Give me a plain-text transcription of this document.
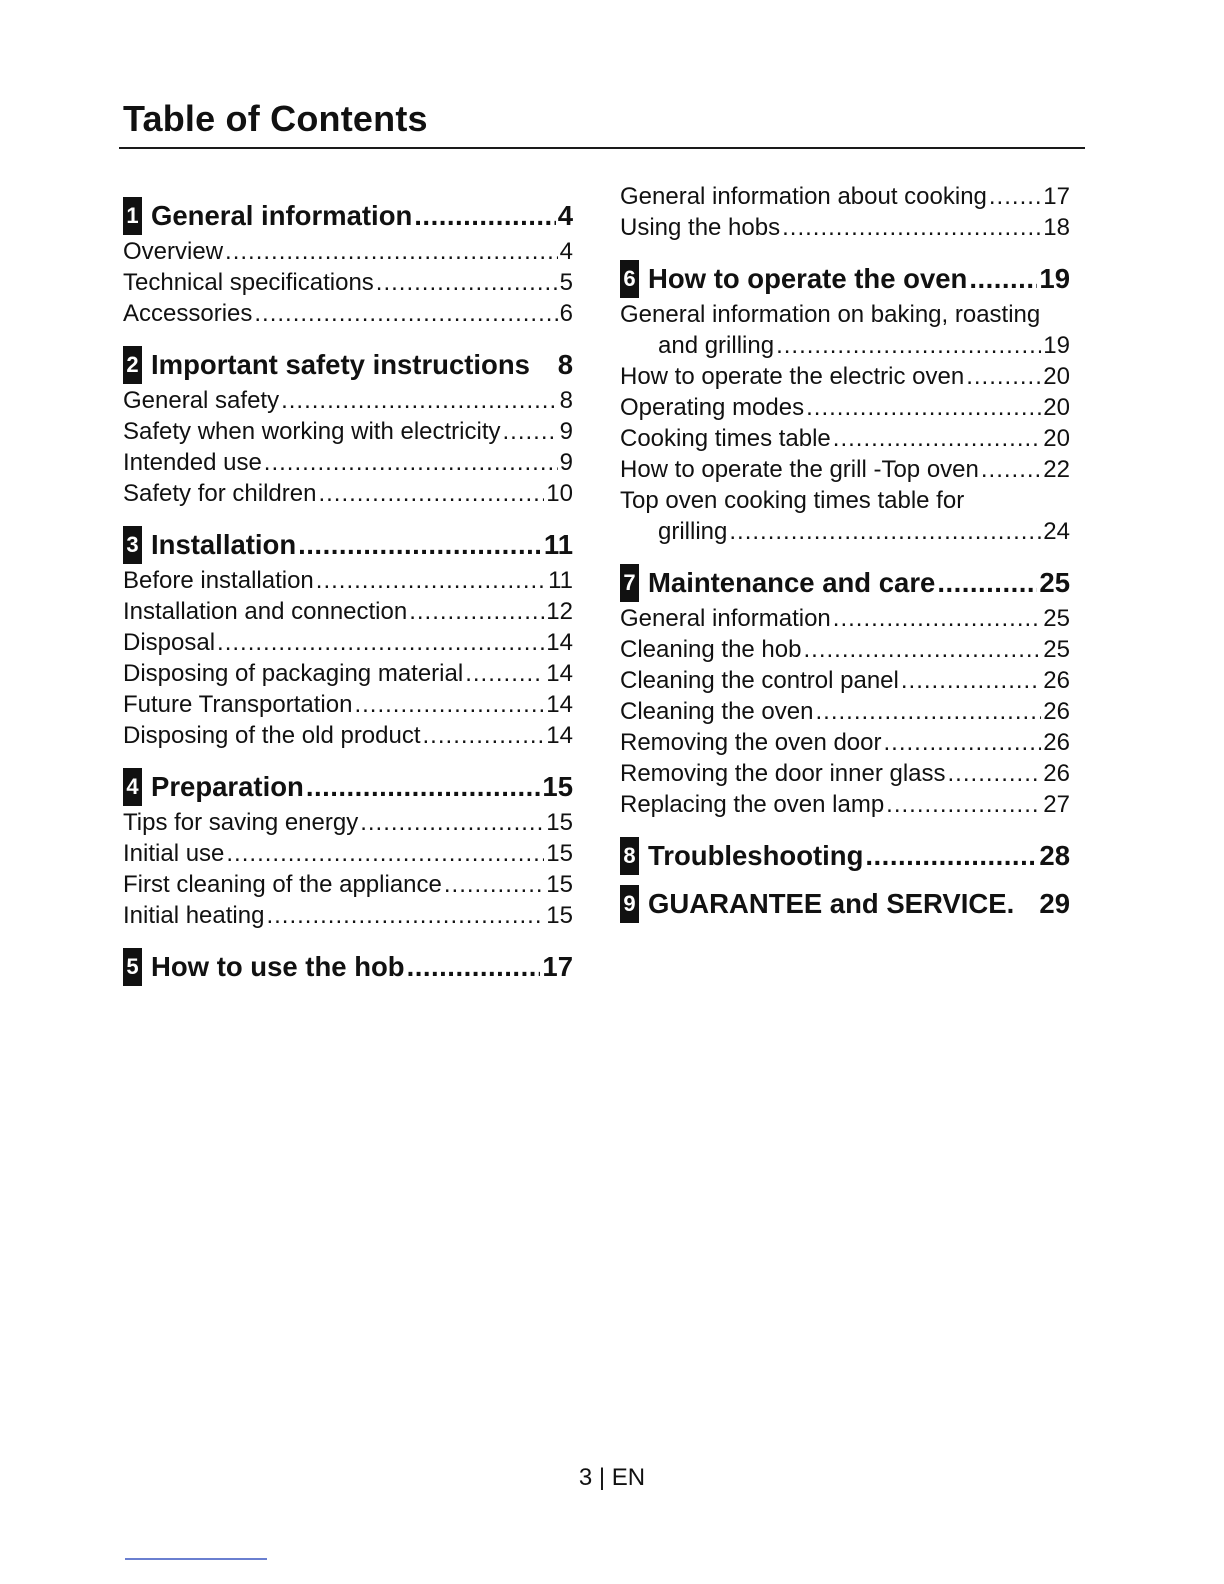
Table of Contents
1 General information .....	4
Overview .....	4
Technical specifications .....	5
Accessories .....	6
2 Important safety instructions 8
General safety .....	8
Safety when working with electricity ..... 9
Intended use .....	9
Safety for children .....	10
3 Installation .....	11
Before installation .....	11
Installation and connection .....	12
Disposal .....	14
Disposing of packaging material .....	14
Future Transportation .....	14
Disposing of the old product .....	14
4 Preparation .....	15
Tips for saving energy .....	15
Initial use .....	15
First cleaning of the appliance .....	15
Initial heating .....	15
5 How to use the hob .....	17
General information about cooking ..... 17
Using the hobs .....	18
6 How to operate the oven .....	19
General information on baking, roasting
and grilling .....	19
How to operate the electric oven .....	20
Operating modes .....	20
Cooking times table .....	20
How to operate the grill -Top oven .....	22
Top oven cooking times table for
grilling .....	24
7 Maintenance and care .....	25
General information .....	25
Cleaning the hob .....	25
Cleaning the control panel .....	26
Cleaning the oven .....	26
Removing the oven door .....	26
Removing the door inner glass .....	26
Replacing the oven lamp .....	27
8 Troubleshooting .....	28
9 GUARANTEE and SERVICE. 29
3 | EN
